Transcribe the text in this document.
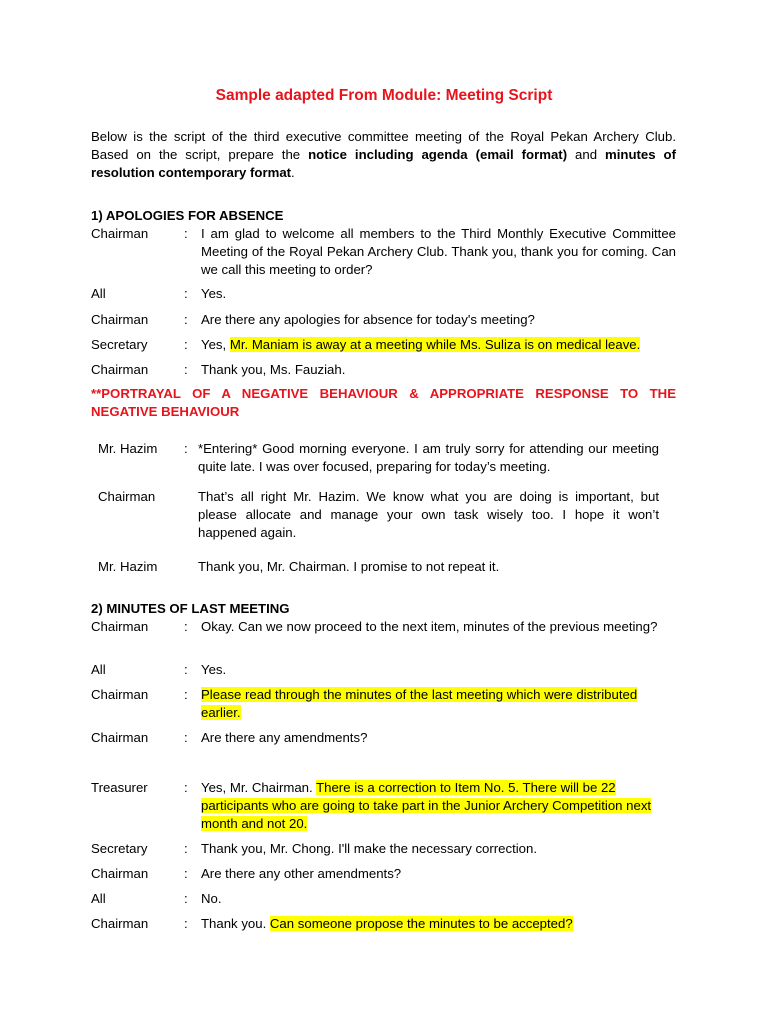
Sample adapted From Module: Meeting Script
Below is the script of the third executive committee meeting of the Royal Pekan Archery Club. Based on the script, prepare the notice including agenda (email format) and minutes of resolution contemporary format.
1) APOLOGIES FOR ABSENCE
Chairman	: I am glad to welcome all members to the Third Monthly Executive Committee Meeting of the Royal Pekan Archery Club. Thank you, thank you for coming. Can we call this meeting to order?
All	: Yes.
Chairman	: Are there any apologies for absence for today's meeting?
Secretary	: Yes, Mr. Maniam is away at a meeting while Ms. Suliza is on medical leave.
Chairman	: Thank you, Ms. Fauziah.
**PORTRAYAL OF A NEGATIVE BEHAVIOUR & APPROPRIATE RESPONSE TO THE NEGATIVE BEHAVIOUR
Mr. Hazim	: *Entering* Good morning everyone. I am truly sorry for attending our meeting quite late. I was over focused, preparing for today’s meeting.
Chairman	That’s all right Mr. Hazim. We know what you are doing is important, but please allocate and manage your own task wisely too. I hope it won’t happened again.
Mr. Hazim	Thank you, Mr. Chairman. I promise to not repeat it.
2) MINUTES OF LAST MEETING
Chairman	: Okay. Can we now proceed to the next item, minutes of the previous meeting?
All	: Yes.
Chairman	: Please read through the minutes of the last meeting which were distributed earlier.
Chairman	: Are there any amendments?
Treasurer	: Yes, Mr. Chairman. There is a correction to Item No. 5. There will be 22 participants who are going to take part in the Junior Archery Competition next month and not 20.
Secretary	: Thank you, Mr. Chong. I'll make the necessary correction.
Chairman	: Are there any other amendments?
All	: No.
Chairman	: Thank you. Can someone propose the minutes to be accepted?
